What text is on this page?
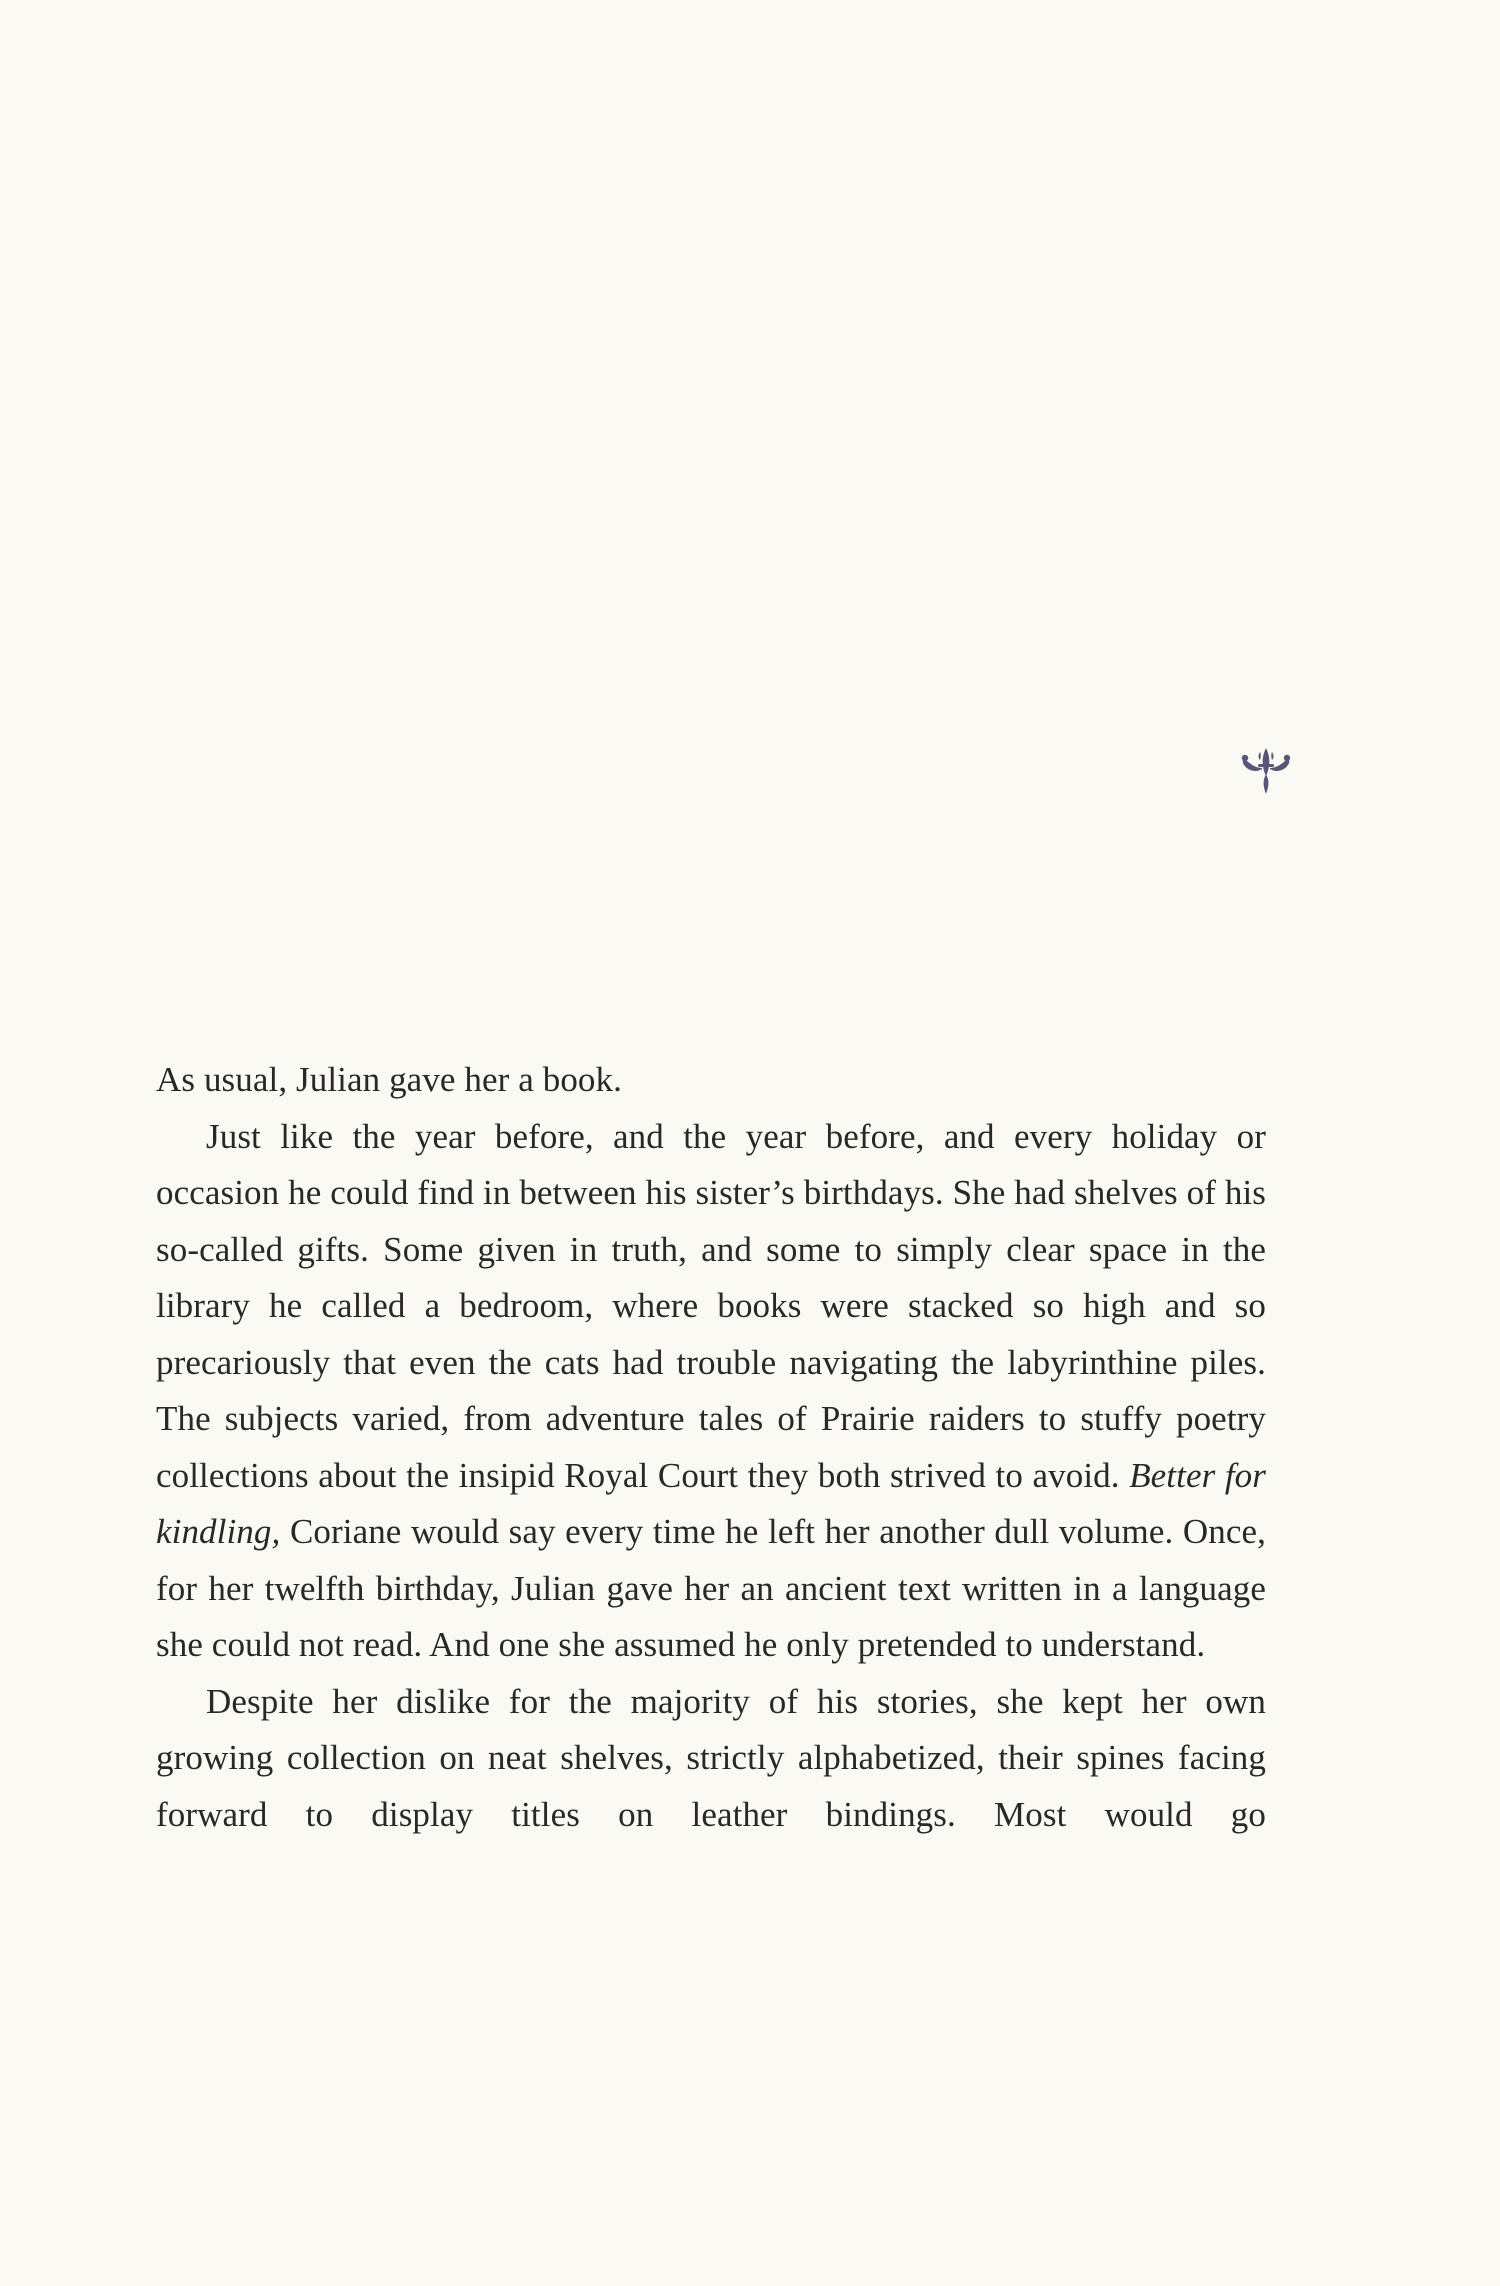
As usual, Julian gave her a book.

Just like the year before, and the year before, and every holiday or occasion he could find in between his sister’s birthdays. She had shelves of his so-called gifts. Some given in truth, and some to simply clear space in the library he called a bedroom, where books were stacked so high and so precariously that even the cats had trouble navigating the labyrinthine piles. The subjects varied, from adventure tales of Prairie raiders to stuffy poetry collections about the insipid Royal Court they both strived to avoid. Better for kindling, Coriane would say every time he left her another dull volume. Once, for her twelfth birthday, Julian gave her an ancient text written in a language she could not read. And one she assumed he only pretended to understand.

Despite her dislike for the majority of his stories, she kept her own growing collection on neat shelves, strictly alphabetized, their spines facing forward to display titles on leather bindings. Most would go
